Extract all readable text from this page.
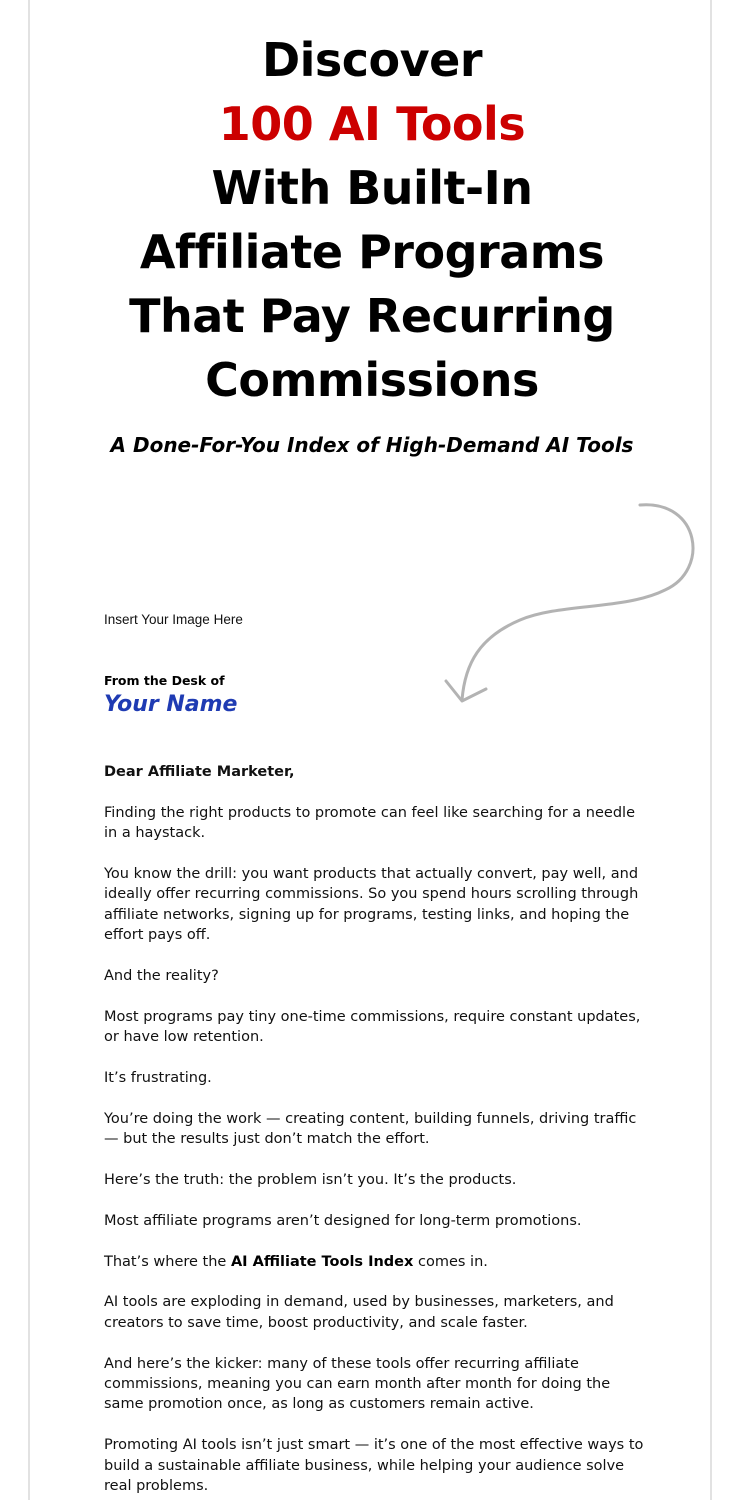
Discover
100 AI Tools
With Built-In
Affiliate Programs
That Pay Recurring
Commissions
A Done-For-You Index of High-Demand AI Tools
Insert Your Image Here
From the Desk of
Your Name

Dear Affiliate Marketer,

Finding the right products to promote can feel like searching for a needle in a haystack.

You know the drill: you want products that actually convert, pay well, and ideally offer recurring commissions. So you spend hours scrolling through affiliate networks, signing up for programs, testing links, and hoping the effort pays off.

And the reality?

Most programs pay tiny one-time commissions, require constant updates, or have low retention.

It’s frustrating.

You’re doing the work — creating content, building funnels, driving traffic — but the results just don’t match the effort.

Here’s the truth: the problem isn’t you. It’s the products.

Most affiliate programs aren’t designed for long-term promotions.

That’s where the AI Affiliate Tools Index comes in.

AI tools are exploding in demand, used by businesses, marketers, and creators to save time, boost productivity, and scale faster.

And here’s the kicker: many of these tools offer recurring affiliate commissions, meaning you can earn month after month for doing the same promotion once, as long as customers remain active.

Promoting AI tools isn’t just smart — it’s one of the most effective ways to build a sustainable affiliate business, while helping your audience solve real problems.
